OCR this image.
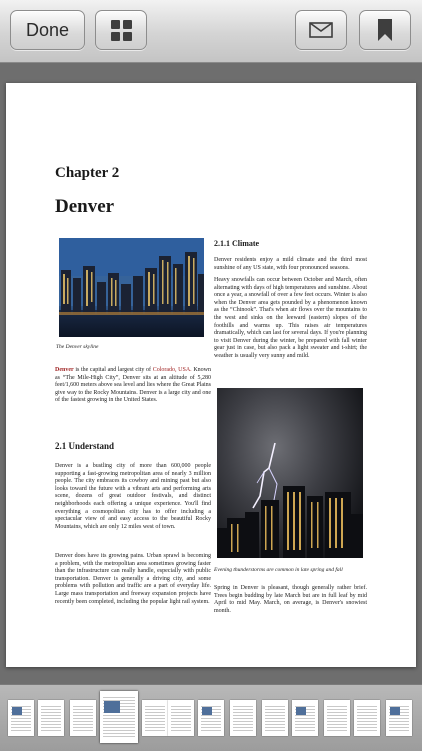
Done
Chapter 2
Denver
The Denver skyline

Denver is the capital and largest city of Colorado, USA. Known as “The Mile-High City”, Denver sits at an altitude of 5,280 feet/1,600 meters above sea level and lies where the Great Plains give way to the Rocky Mountains. Denver is a large city and one of the fastest growing in the United States.

2.1 Understand

Denver is a bustling city of more than 600,000 people supporting a fast-growing metropolitan area of nearly 3 million people. The city embraces its cowboy and mining past but also looks toward the future with a vibrant arts and performing arts scene, dozens of great outdoor festivals, and distinct neighborhoods each offering a unique experience. You'll find everything a cosmopolitan city has to offer including a spectacular view of and easy access to the beautiful Rocky Mountains, which are only 12 miles west of town.

Denver does have its growing pains. Urban sprawl is becoming a problem, with the metropolitan area sometimes growing faster than the infrastructure can really handle, especially with public transportation. Denver is generally a driving city, and some problems with pollution and traffic are a part of everyday life. Large mass transportation and freeway expansion projects have recently been completed, including the popular light rail system.

2.1.1 Climate

Denver residents enjoy a mild climate and the third most sunshine of any US state, with four pronounced seasons.

Heavy snowfalls can occur between October and March, often alternating with days of high temperatures and sunshine. About once a year, a snowfall of over a few feet occurs. Winter is also when the Denver area gets pounded by a phenomenon known as the “Chinook”. That's when air flows over the mountains to the west and sinks on the leeward (eastern) slopes of the foothills and warms up. This raises air temperatures dramatically, which can last for several days. If you're planning to visit Denver during the winter, be prepared with fall winter gear just in case, but also pack a light sweater and t-shirt; the weather is usually very sunny and mild.

Evening thunderstorms are common in late spring and fall

Spring in Denver is pleasant, though generally rather brief. Trees begin budding by late March but are in full leaf by mid April to mid May. March, on average, is Denver's snowiest month.
